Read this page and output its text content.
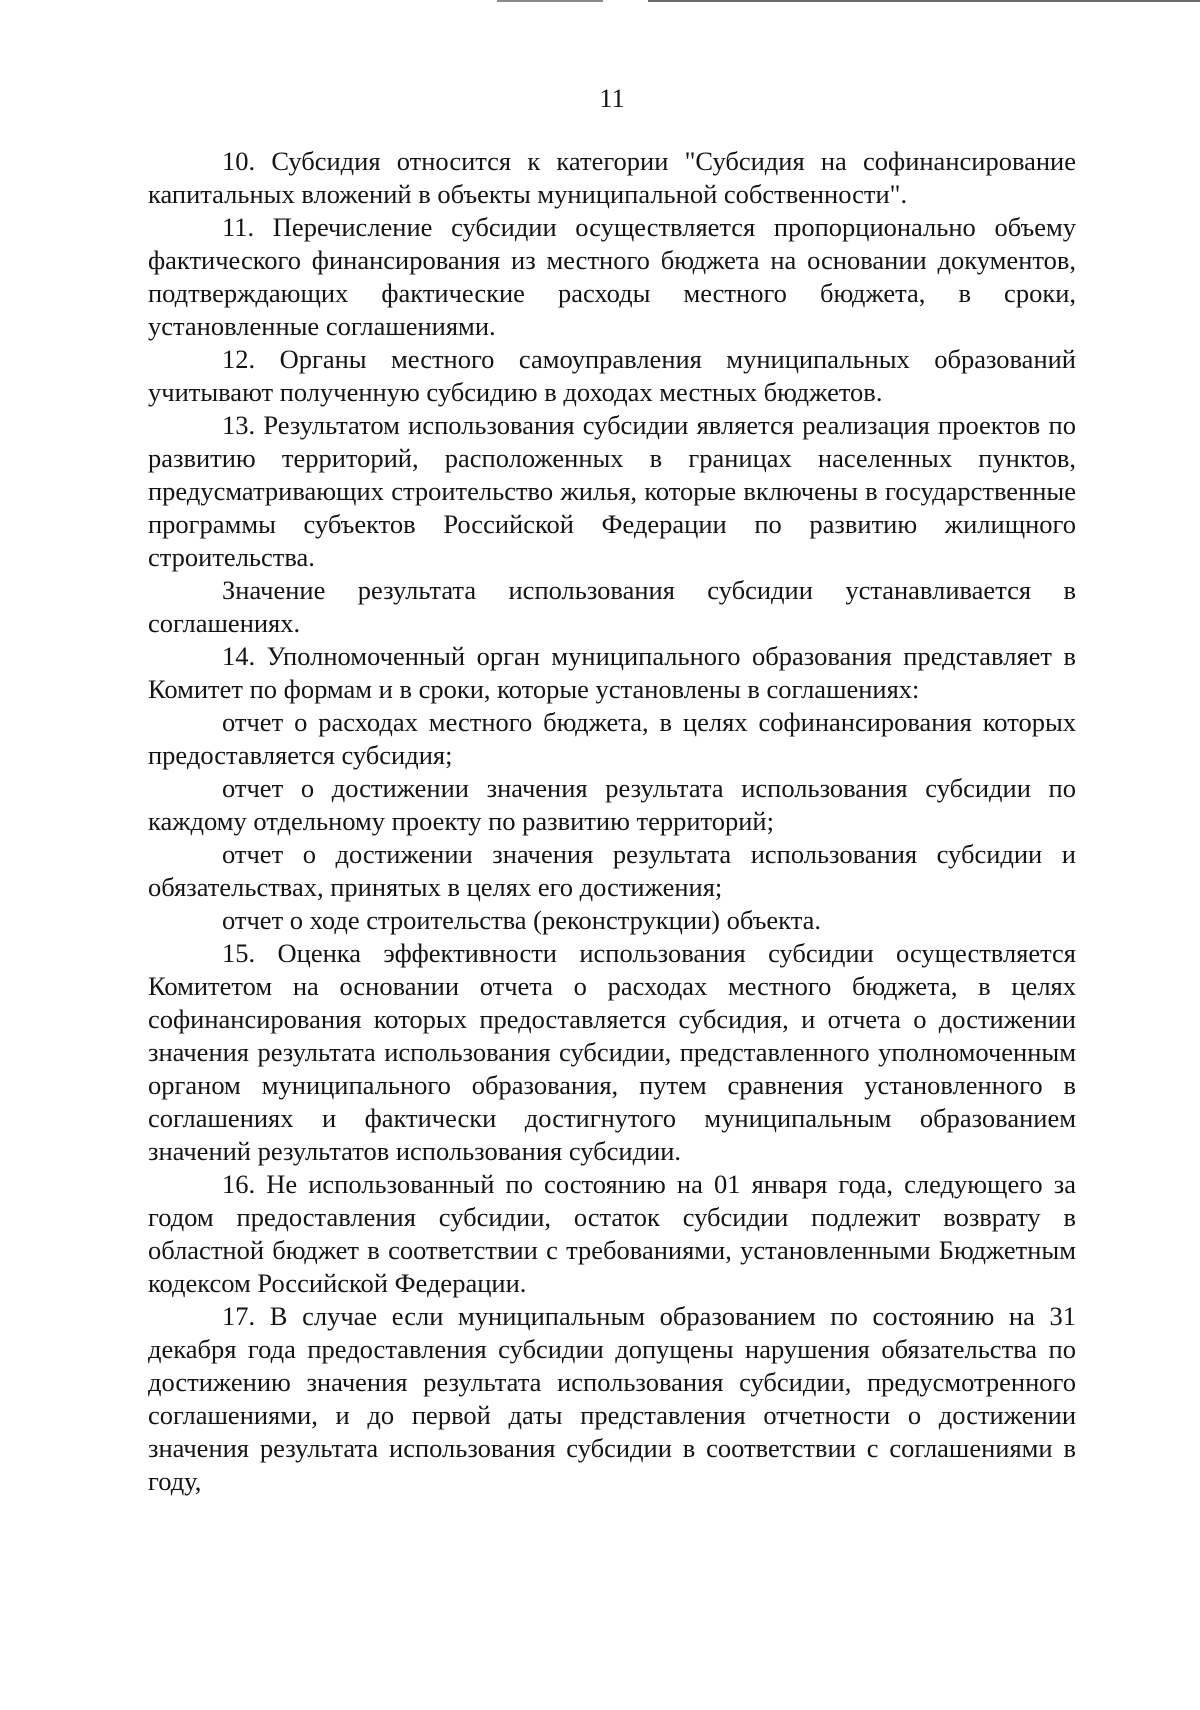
11

10. Субсидия относится к категории "Субсидия на софинансирование капитальных вложений в объекты муниципальной собственности".

11. Перечисление субсидии осуществляется пропорционально объему фактического финансирования из местного бюджета на основании документов, подтверждающих фактические расходы местного бюджета, в сроки, установленные соглашениями.

12. Органы местного самоуправления муниципальных образований учитывают полученную субсидию в доходах местных бюджетов.

13. Результатом использования субсидии является реализация проектов по развитию территорий, расположенных в границах населенных пунктов, предусматривающих строительство жилья, которые включены в государственные программы субъектов Российской Федерации по развитию жилищного строительства.

Значение результата использования субсидии устанавливается в соглашениях.

14. Уполномоченный орган муниципального образования представляет в Комитет по формам и в сроки, которые установлены в соглашениях:

отчет о расходах местного бюджета, в целях софинансирования которых предоставляется субсидия;

отчет о достижении значения результата использования субсидии по каждому отдельному проекту по развитию территорий;

отчет о достижении значения результата использования субсидии и обязательствах, принятых в целях его достижения;

отчет о ходе строительства (реконструкции) объекта.

15. Оценка эффективности использования субсидии осуществляется Комитетом на основании отчета о расходах местного бюджета, в целях софинансирования которых предоставляется субсидия, и отчета о достижении значения результата использования субсидии, представленного уполномоченным органом муниципального образования, путем сравнения установленного в соглашениях и фактически достигнутого муниципальным образованием значений результатов использования субсидии.

16. Не использованный по состоянию на 01 января года, следующего за годом предоставления субсидии, остаток субсидии подлежит возврату в областной бюджет в соответствии с требованиями, установленными Бюджетным кодексом Российской Федерации.

17. В случае если муниципальным образованием по состоянию на 31 декабря года предоставления субсидии допущены нарушения обязательства по достижению значения результата использования субсидии, предусмотренного соглашениями, и до первой даты представления отчетности о достижении значения результата использования субсидии в соответствии с соглашениями в году,
